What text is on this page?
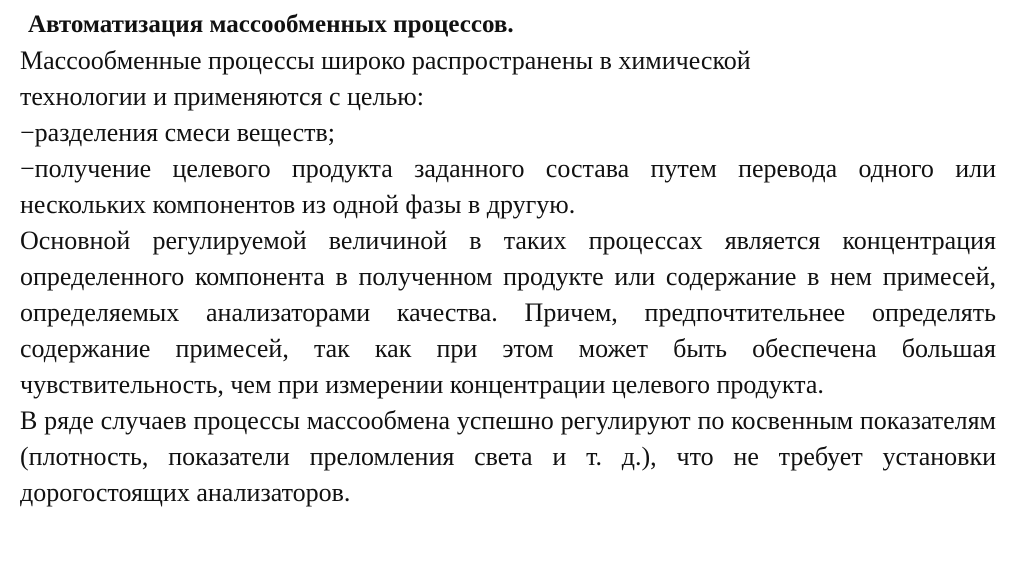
Автоматизация массообменных процессов.

Массообменные процессы широко распространены в химической технологии и применяются с целью:

−разделения смеси веществ;

−получение целевого продукта заданного состава путем перевода одного или нескольких компонентов из одной фазы в другую.

Основной регулируемой величиной в таких процессах является концентрация определенного компонента в полученном продукте или содержание в нем примесей, определяемых анализаторами качества. Причем, предпочтительнее определять содержание примесей, так как при этом может быть обеспечена большая чувствительность, чем при измерении концентрации целевого продукта.

В ряде случаев процессы массообмена успешно регулируют по косвенным показателям (плотность, показатели преломления света и т. д.), что не требует установки дорогостоящих анализаторов.
